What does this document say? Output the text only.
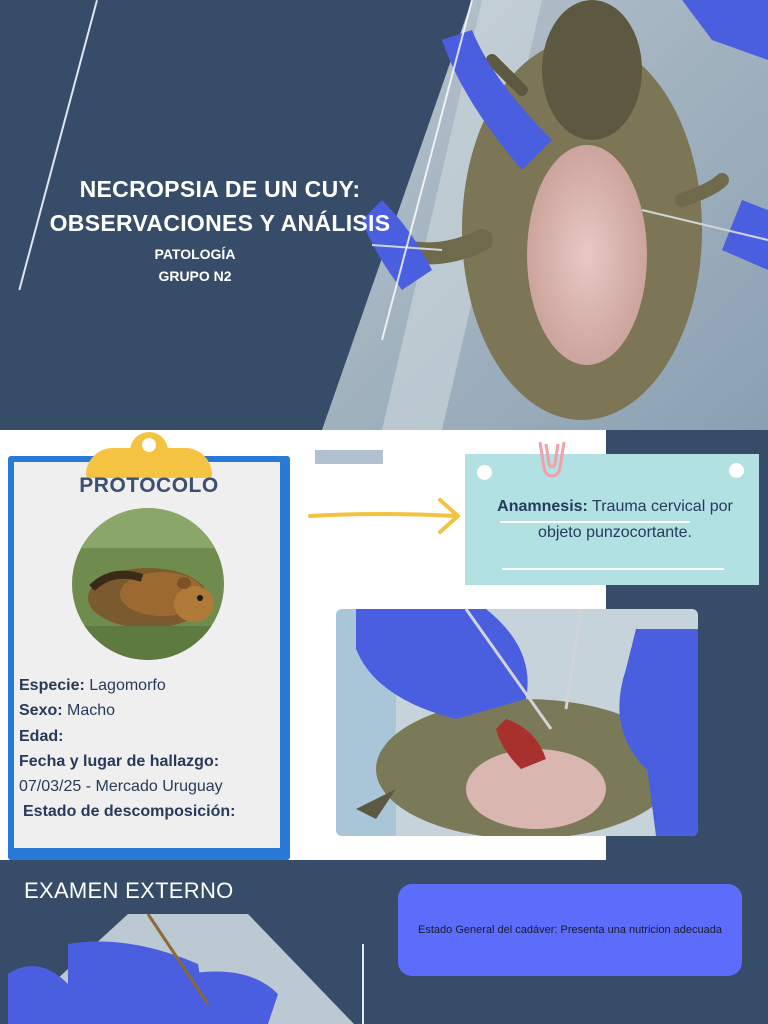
NECROPSIA DE UN CUY:
OBSERVACIONES Y ANÁLISIS
PATOLOGÍA
GRUPO N2
PROTOCOLO
Especie: Lagomorfo
Sexo: Macho
Edad:
Fecha y lugar de hallazgo:
07/03/25 - Mercado Uruguay
Estado de descomposición:
Anamnesis: Trauma cervical por
objeto punzocortante.
EXAMEN EXTERNO
Estado General del cadáver: Presenta una nutricion adecuada
